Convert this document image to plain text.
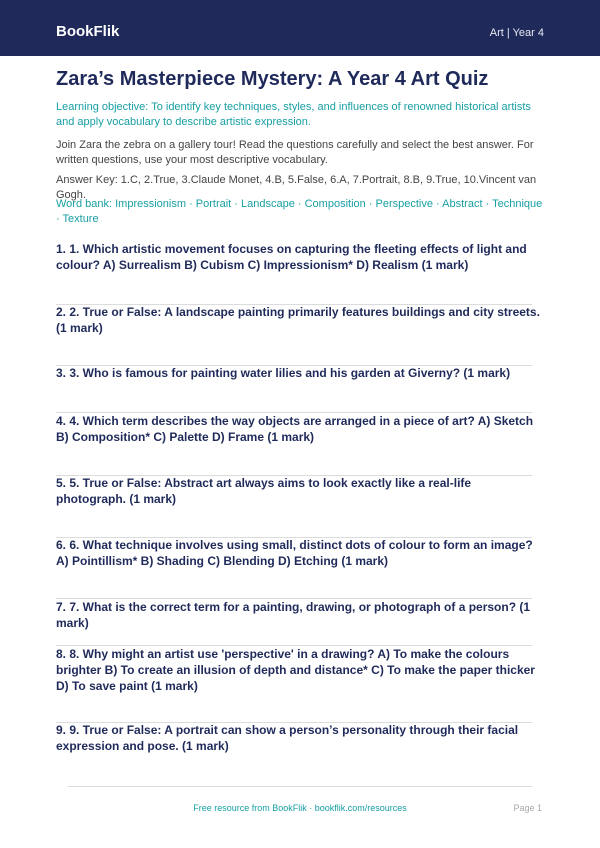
BookFlik	Art | Year 4
Zara’s Masterpiece Mystery: A Year 4 Art Quiz

Learning objective: To identify key techniques, styles, and influences of renowned historical artists and apply vocabulary to describe artistic expression.

Join Zara the zebra on a gallery tour! Read the questions carefully and select the best answer. For written questions, use your most descriptive vocabulary.

Answer Key: 1.C, 2.True, 3.Claude Monet, 4.B, 5.False, 6.A, 7.Portrait, 8.B, 9.True, 10.Vincent van Gogh.

Word bank: Impressionism · Portrait · Landscape · Composition · Perspective · Abstract · Technique · Texture

1. 1. Which artistic movement focuses on capturing the fleeting effects of light and colour? A) Surrealism B) Cubism C) Impressionism* D) Realism (1 mark)

2. 2. True or False: A landscape painting primarily features buildings and city streets. (1 mark)

3. 3. Who is famous for painting water lilies and his garden at Giverny? (1 mark)

4. 4. Which term describes the way objects are arranged in a piece of art? A) Sketch B) Composition* C) Palette D) Frame (1 mark)

5. 5. True or False: Abstract art always aims to look exactly like a real-life photograph. (1 mark)

6. 6. What technique involves using small, distinct dots of colour to form an image? A) Pointillism* B) Shading C) Blending D) Etching (1 mark)

7. 7. What is the correct term for a painting, drawing, or photograph of a person? (1 mark)

8. 8. Why might an artist use 'perspective' in a drawing? A) To make the colours brighter B) To create an illusion of depth and distance* C) To make the paper thicker D) To save paint (1 mark)

9. 9. True or False: A portrait can show a person’s personality through their facial expression and pose. (1 mark)

Free resource from BookFlik · bookflik.com/resources	Page 1
